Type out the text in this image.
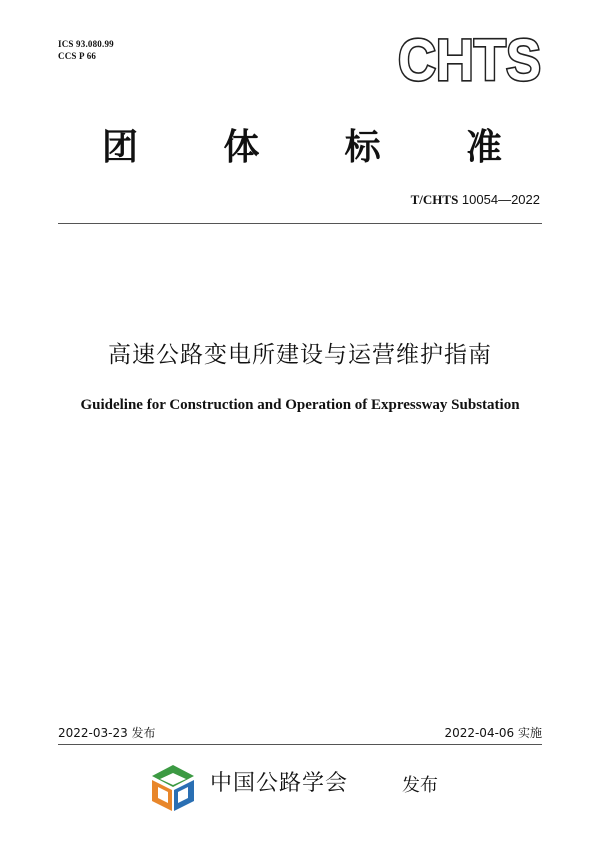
ICS 93.080.99
CCS P 66	CHTS
团 体 标 准
T/CHTS 10054—2022
高速公路变电所建设与运营维护指南
Guideline for Construction and Operation of Expressway Substation
2022-03-23 发布	2022-04-06 实施
中国公路学会	发布
